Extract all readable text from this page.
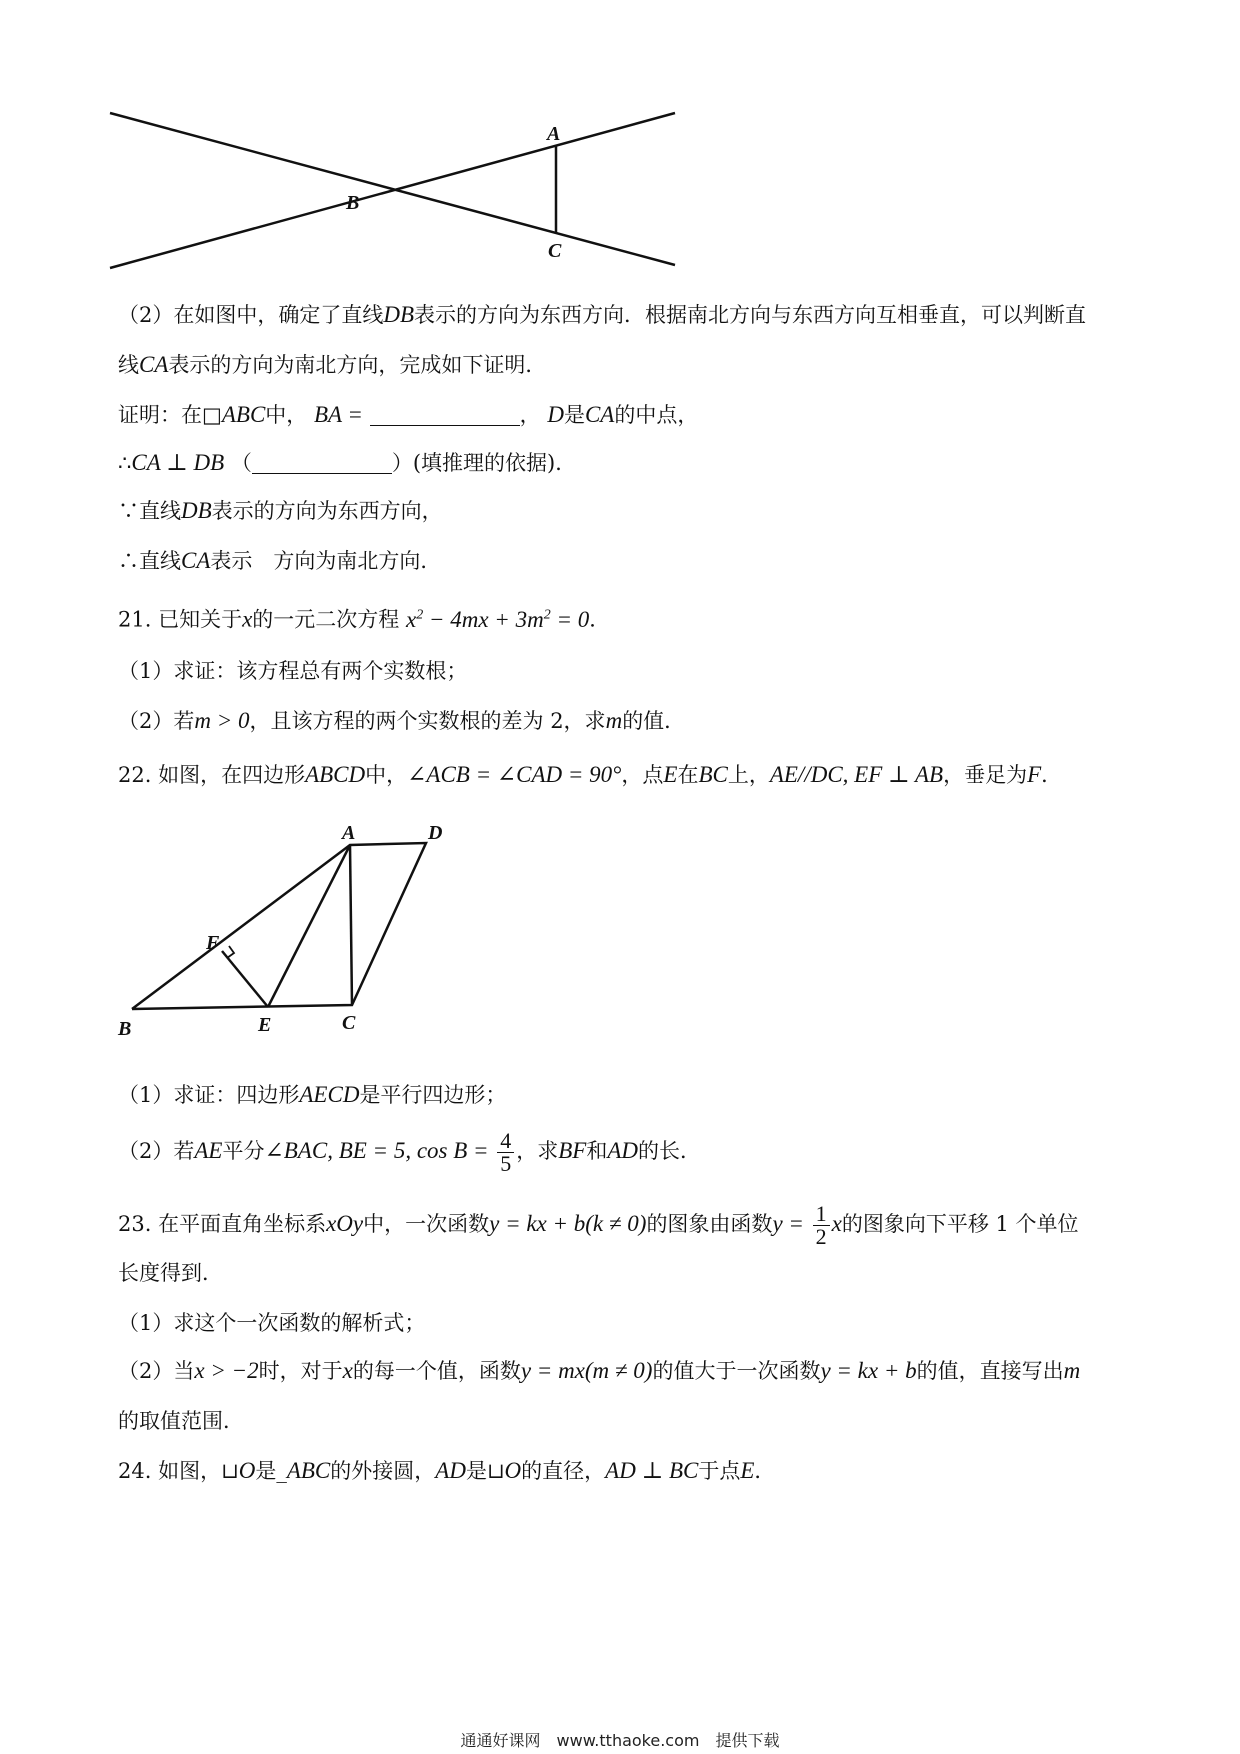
A
B
C
（2）在如图中，确定了直线DB表示的方向为东西方向．根据南北方向与东西方向互相垂直，可以判断直
线CA表示的方向为南北方向，完成如下证明．
证明：在□ABC中， BA =	， D是CA的中点，
∴CA ⊥ DB （	）(填推理的依据)．
∵直线DB表示的方向为东西方向，
∴直线CA表示　方向为南北方向．
21. 已知关于x的一元二次方程 $x^2 - 4mx + 3m^2 = 0$．
（1）求证：该方程总有两个实数根；
（2）若m > 0，且该方程的两个实数根的差为 2，求m的值．
22. 如图，在四边形ABCD中，∠ACB = ∠CAD = 90°，点E在BC上，AE//DC, EF ⊥ AB，垂足为F．
A	D
F
B	E	C
（1）求证：四边形AECD是平行四边形；
（2）若AE平分∠BAC, BE = 5, $\cos B = \frac{4}{5}$ ，求BF和AD的长．
23. 在平面直角坐标系xOy中，一次函数y = kx + b(k ≠ 0)的图象由函数$y = \frac{1}{2}$ x的图象向下平移 1 个单位
长度得到．
（1）求这个一次函数的解析式；
（2）当x > −2时，对于x的每一个值，函数y = mx(m ≠ 0)的值大于一次函数y = kx + b的值，直接写出m
的取值范围．
24. 如图，⊔O是_ABC的外接圆，AD是⊔O的直径，AD ⊥ BC于点E．
通通好课网　www.tthaoke.com　提供下载
